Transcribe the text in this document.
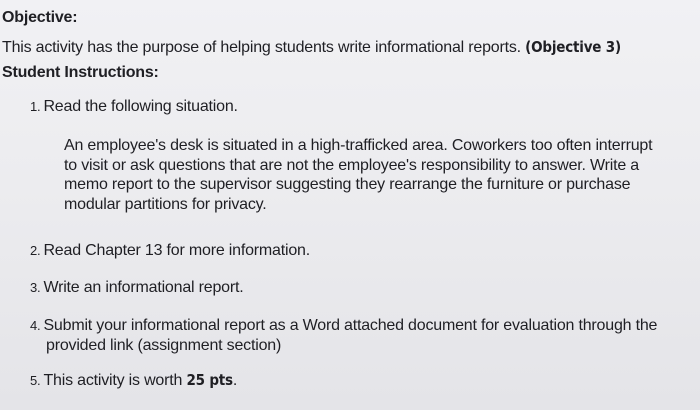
Objective:
This activity has the purpose of helping students write informational reports. (Objective 3)
Student Instructions:
1. Read the following situation.
An employee's desk is situated in a high-trafficked area. Coworkers too often interrupt
to visit or ask questions that are not the employee's responsibility to answer. Write a
memo report to the supervisor suggesting they rearrange the furniture or purchase
modular partitions for privacy.
2. Read Chapter 13 for more information.
3. Write an informational report.
4. Submit your informational report as a Word attached document for evaluation through the
provided link (assignment section)
5. This activity is worth 25 pts.
